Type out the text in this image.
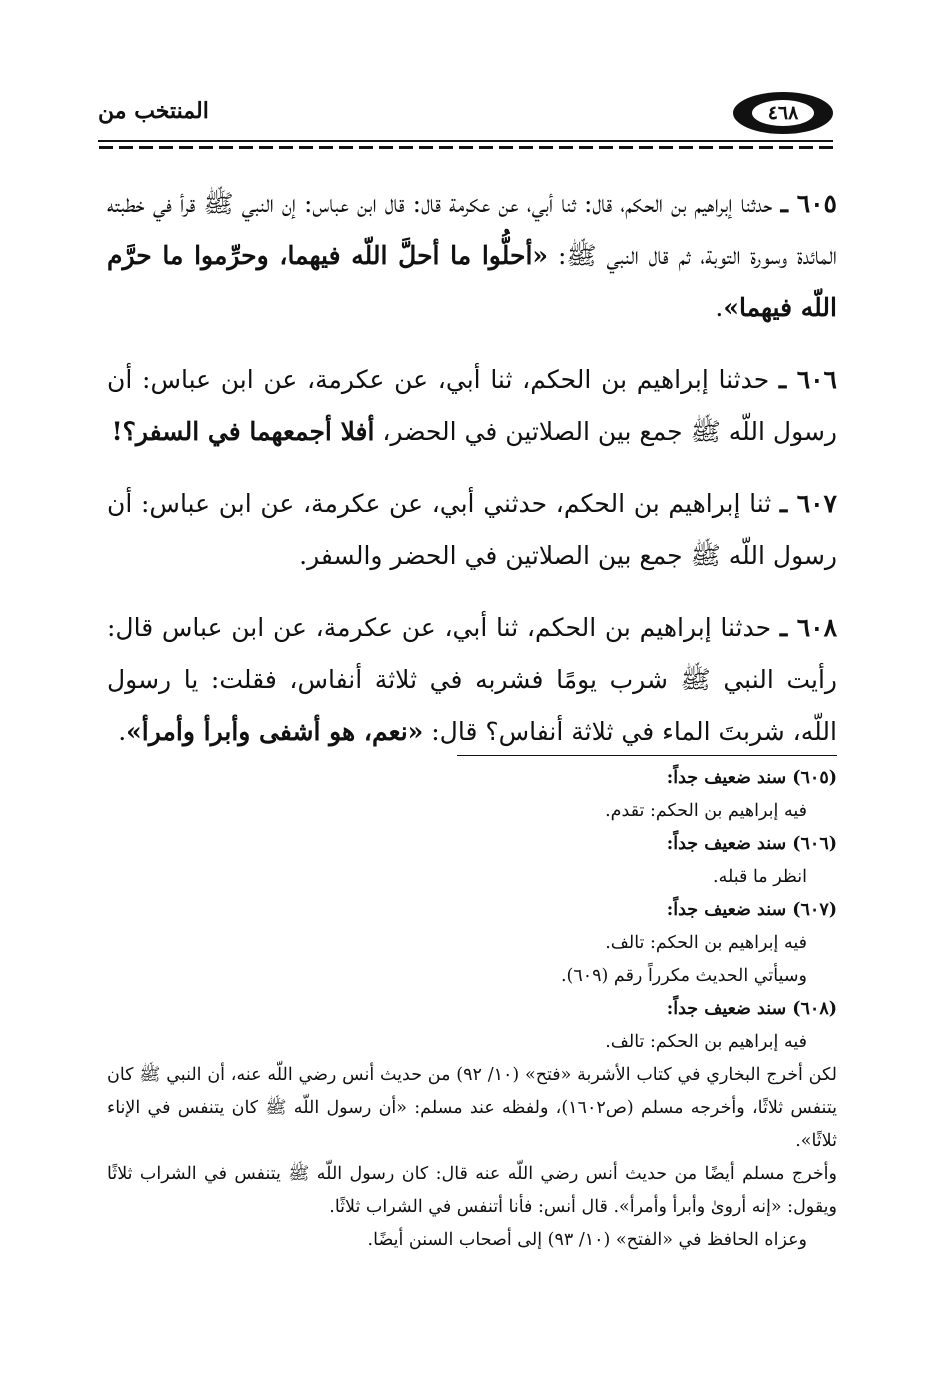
٤٦٨
المنتخب من

٦٠٥ ـ حدثنا إبراهيم بن الحكم، قال: ثنا أبي، عن عكرمة قال: قال ابن عباس: إن النبي ﷺ قرأ في خطبته المائدة وسورة التوبة، ثم قال النبي ﷺ: «أحلُّوا ما أحلَّ اللّه فيهما، وحرِّموا ما حرَّم اللّه فيهما».

٦٠٦ ـ حدثنا إبراهيم بن الحكم، ثنا أبي، عن عكرمة، عن ابن عباس: أن رسول اللّه ﷺ جمع بين الصلاتين في الحضر، أفلا أجمعهما في السفر؟!

٦٠٧ ـ ثنا إبراهيم بن الحكم، حدثني أبي، عن عكرمة، عن ابن عباس: أن رسول اللّه ﷺ جمع بين الصلاتين في الحضر والسفر.

٦٠٨ ـ حدثنا إبراهيم بن الحكم، ثنا أبي، عن عكرمة، عن ابن عباس قال: رأيت النبي ﷺ شرب يومًا فشربه في ثلاثة أنفاس، فقلت: يا رسول اللّه، شربتَ الماء في ثلاثة أنفاس؟ قال: «نعم، هو أشفى وأبرأ وأمرأ».

(٦٠٥) سند ضعيف جداً:

فيه إبراهيم بن الحكم: تقدم.

(٦٠٦) سند ضعيف جداً:

انظر ما قبله.

(٦٠٧) سند ضعيف جداً:

فيه إبراهيم بن الحكم: تالف.

وسيأتي الحديث مكرراً رقم (٦٠٩).

(٦٠٨) سند ضعيف جداً:

فيه إبراهيم بن الحكم: تالف.

لكن أخرج البخاري في كتاب الأشربة «فتح» (١٠/ ٩٢) من حديث أنس رضي اللّه عنه، أن النبي ﷺ كان يتنفس ثلاثًا، وأخرجه مسلم (ص١٦٠٢)، ولفظه عند مسلم: «أن رسول اللّه ﷺ كان يتنفس في الإناء ثلاثًا».

وأخرج مسلم أيضًا من حديث أنس رضي اللّه عنه قال: كان رسول اللّه ﷺ يتنفس في الشراب ثلاثًا ويقول: «إنه أروىٰ وأبرأ وأمرأ». قال أنس: فأنا أتنفس في الشراب ثلاثًا.

وعزاه الحافظ في «الفتح» (١٠/ ٩٣) إلى أصحاب السنن أيضًا.
